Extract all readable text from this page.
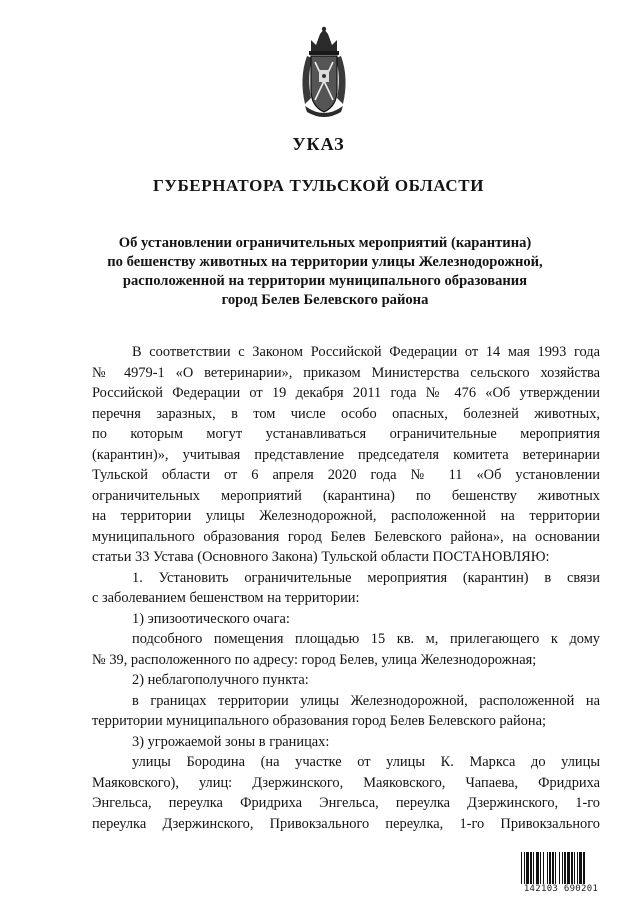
УКАЗ
ГУБЕРНАТОРА ТУЛЬСКОЙ ОБЛАСТИ
Об установлении ограничительных мероприятий (карантина)
по бешенству животных на территории улицы Железнодорожной,
расположенной на территории муниципального образования
город Белев Белевского района
В соответствии с Законом Российской Федерации от 14 мая 1993 года
№ 4979-1 «О ветеринарии», приказом Министерства сельского хозяйства
Российской Федерации от 19 декабря 2011 года № 476 «Об утверждении
перечня заразных, в том числе особо опасных, болезней животных,
по которым могут устанавливаться ограничительные мероприятия
(карантин)», учитывая представление председателя комитета ветеринарии
Тульской области от 6 апреля 2020 года № 11 «Об установлении
ограничительных мероприятий (карантина) по бешенству животных
на территории улицы Железнодорожной, расположенной на территории
муниципального образования город Белев Белевского района», на основании
статьи 33 Устава (Основного Закона) Тульской области ПОСТАНОВЛЯЮ:
1. Установить ограничительные мероприятия (карантин) в связи
с заболеванием бешенством на территории:
1) эпизоотического очага:
подсобного помещения площадью 15 кв. м, прилегающего к дому
№ 39, расположенного по адресу: город Белев, улица Железнодорожная;
2) неблагополучного пункта:
в границах территории улицы Железнодорожной, расположенной на
территории муниципального образования город Белев Белевского района;
3) угрожаемой зоны в границах:
улицы Бородина (на участке от улицы К. Маркса до улицы
Маяковского), улиц: Дзержинского, Маяковского, Чапаева, Фридриха
Энгельса, переулка Фридриха Энгельса, переулка Дзержинского, 1-го
переулка Дзержинского, Привокзального переулка, 1-го Привокзального
142103 690201
